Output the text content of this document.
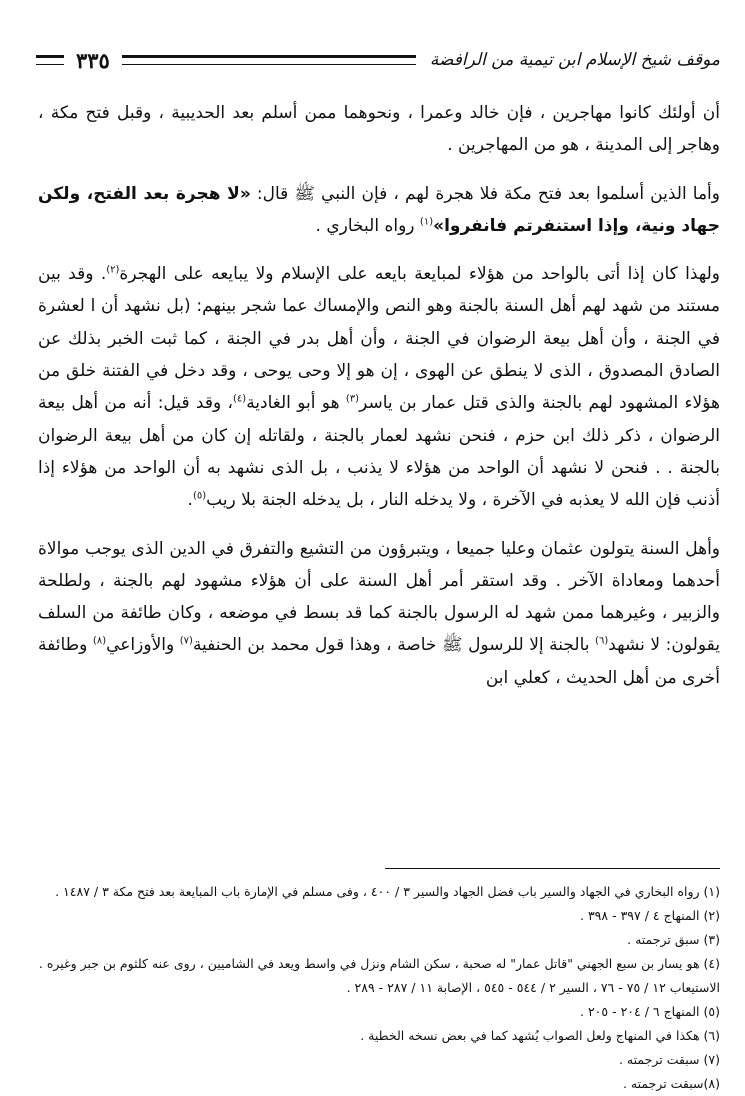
موقف شيخ الإسلام ابن تيمية من الرافضة
٣٣٥

أن أولئك كانوا مهاجرين ، فإن خالد وعمرا ، ونحوهما ممن أسلم بعد الحديبية ، وقبل فتح مكة ، وهاجر إلى المدينة ، هو من المهاجرين .

وأما الذين أسلموا بعد فتح مكة فلا هجرة لهم ، فإن النبي ﷺ قال: «لا هجرة بعد الفتح، ولكن جهاد ونية، وإذا استنفرتم فانفروا»$^{(١)}$ رواه البخاري .

ولهذا كان إذا أتى بالواحد من هؤلاء لمبايعة بايعه على الإسلام ولا يبايعه على الهجرة$^{(٢)}$. وقد بين مستند من شهد لهم أهل السنة بالجنة وهو النص والإمساك عما شجر بينهم: (بل نشهد أن ا لعشرة في الجنة ، وأن أهل بيعة الرضوان في الجنة ، وأن أهل بدر في الجنة ، كما ثبت الخبر بذلك عن الصادق المصدوق ، الذى لا ينطق عن الهوى ، إن هو إلا وحى يوحى ، وقد دخل في الفتنة خلق من هؤلاء المشهود لهم بالجنة والذى قتل عمار بن ياسر$^{(٣)}$ هو أبو الغادية$^{(٤)}$، وقد قيل: أنه من أهل بيعة الرضوان ، ذكر ذلك ابن حزم ، فنحن نشهد لعمار بالجنة ، ولقاتله إن كان من أهل بيعة الرضوان بالجنة . . فنحن لا نشهد أن الواحد من هؤلاء لا يذنب ، بل الذى نشهد به أن الواحد من هؤلاء إذا أذنب فإن الله لا يعذبه في الآخرة ، ولا يدخله النار ، بل يدخله الجنة بلا ريب$^{(٥)}$.

وأهل السنة يتولون عثمان وعليا جميعا ، ويتبرؤون من التشيع والتفرق في الدين الذى يوجب موالاة أحدهما ومعاداة الآخر . وقد استقر أمر أهل السنة على أن هؤلاء مشهود لهم بالجنة ، ولطلحة والزبير ، وغيرهما ممن شهد له الرسول بالجنة كما قد بسط في موضعه ، وكان طائفة من السلف يقولون: لا نشهد$^{(٦)}$ بالجنة إلا للرسول ﷺ خاصة ، وهذا قول محمد بن الحنفية$^{(٧)}$ والأوزاعي$^{(٨)}$ وطائفة أخرى من أهل الحديث ، كعلي ابن

(١) رواه البخاري في الجهاد والسير باب فضل الجهاد والسير ٣ / ٤٠٠ ، وفى مسلم في الإمارة باب المبايعة بعد فتح مكة ٣ / ١٤٨٧ .
(٢) المنهاج ٤ / ٣٩٧ - ٣٩٨ .
(٣) سبق ترجمته .
(٤) هو يسار بن سبع الجهني "قاتل عمار" له صحبة ، سكن الشام ونزل في واسط ويعد في الشاميين ، روى عنه كلثوم بن جبر وغيره . الاستيعاب ١٢ / ٧٥ - ٧٦ ، السير ٢ / ٥٤٤ - ٥٤٥ ، الإصابة ١١ / ٢٨٧ - ٢٨٩ .
(٥) المنهاج ٦ / ٢٠٤ - ٢٠٥ .
(٦) هكذا في المنهاج ولعل الصواب يُشهد كما في بعض نسخه الخطية .
(٧) سبقت ترجمته .
(٨)سبقت ترجمته .
